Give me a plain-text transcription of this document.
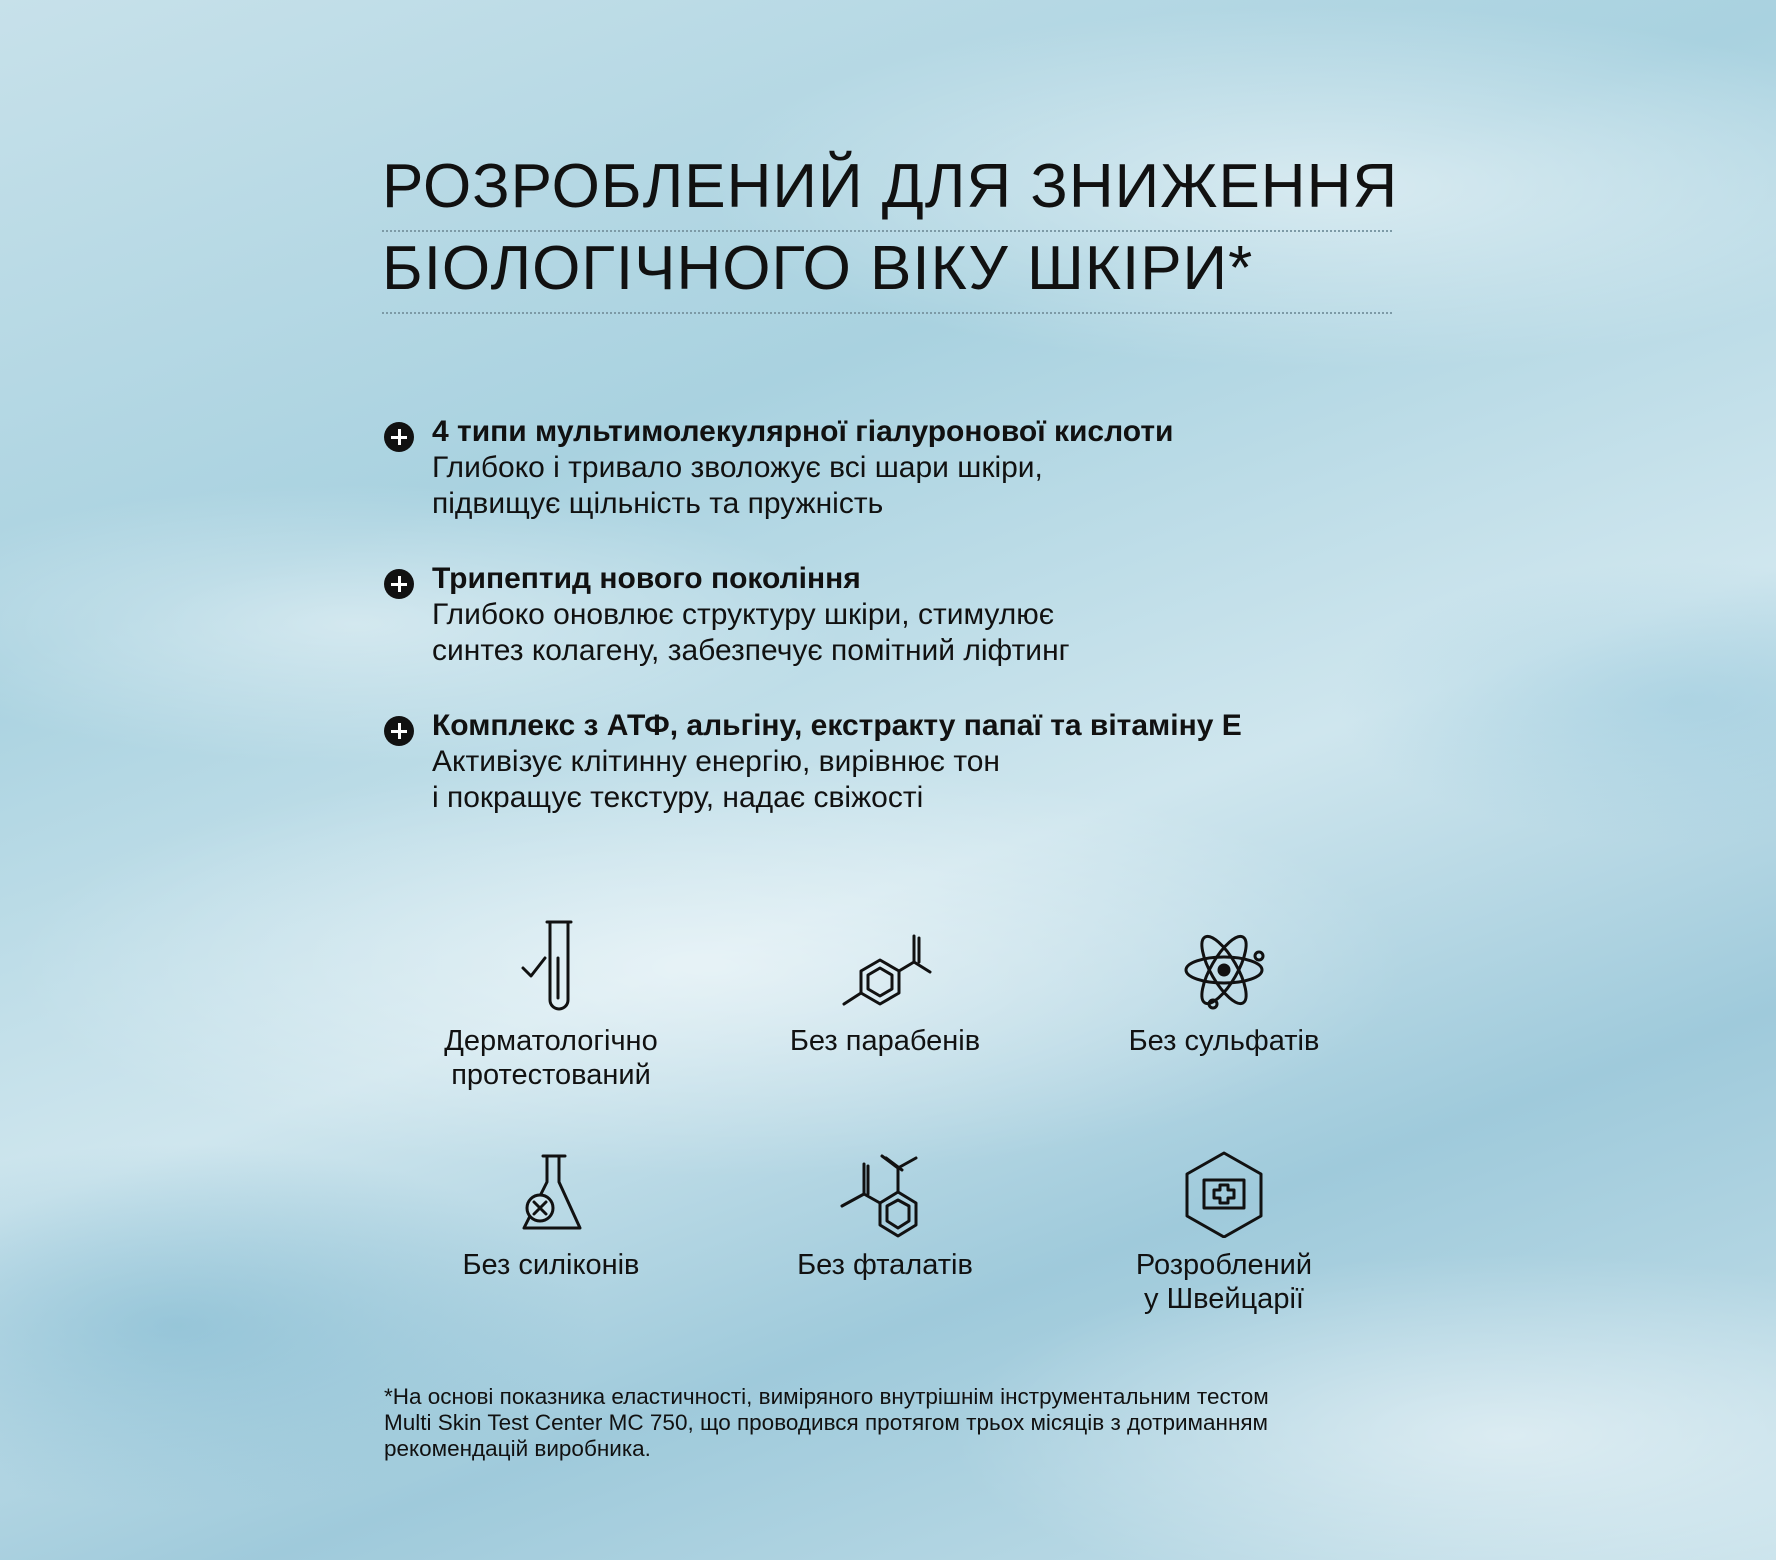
РОЗРОБЛЕНИЙ ДЛЯ ЗНИЖЕННЯ
БІОЛОГІЧНОГО ВІКУ ШКІРИ*
4 типи мультимолекулярної гіалуронової кислоти
Глибоко і тривало зволожує всі шари шкіри,
підвищує щільність та пружність
Трипептид нового покоління
Глибоко оновлює структуру шкіри, стимулює
синтез колагену, забезпечує помітний ліфтинг
Комплекс з АТФ, альгіну, екстракту папаї та вітаміну Е
Активізує клітинну енергію, вирівнює тон
і покращує текстуру, надає свіжості
Дерматологічно
протестований
Без парабенів	Без сульфатів
Без силіконів	Без фталатів	Розроблений
у Швейцарії
*На основі показника еластичності, виміряного внутрішнім інструментальним тестом
Multi Skin Test Center MC 750, що проводився протягом трьох місяців з дотриманням
рекомендацій виробника.
